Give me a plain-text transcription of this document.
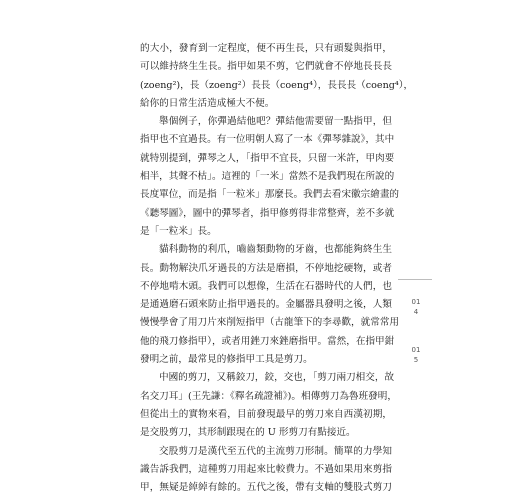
的大小，發育到一定程度，便不再生長，只有頭髮與指甲，
可以維持終生生長。指甲如果不剪，它們就會不停地長長長
(zoeng²)，長（zoeng²）長長（coeng⁴），長長長（coeng⁴），
給你的日常生活造成極大不便。
舉個例子，你彈過結他吧？彈結他需要留一點指甲，但
指甲也不宜過長。有一位明朝人寫了一本《彈琴雜說》，其中
就特別提到，彈琴之人，「指甲不宜長，只留一米許，甲肉要
相半，其聲不枯」。這裡的「一米」當然不是我們現在所說的
長度單位，而是指「一粒米」那麼長。我們去看宋徽宗繪畫的
《聽琴圖》，圖中的彈琴者，指甲修剪得非常整齊，差不多就
是「一粒米」長。
貓科動物的利爪，嚙齒類動物的牙齒，也都能夠終生生
長。動物解決爪牙過長的方法是磨損，不停地挖硬物，或者
不停地啃木頭。我們可以想像，生活在石器時代的人們，也
是通過磨石頭來防止指甲過長的。金屬器具發明之後，人類
慢慢學會了用刀片來削短指甲（古龍筆下的李尋歡，就常常用
他的飛刀修指甲），或者用銼刀來銼磨指甲。當然，在指甲鉗
發明之前，最常見的修指甲工具是剪刀。
中國的剪刀，又稱鉸刀，鉸，交也，「剪刀兩刀相交，故
名交刀耳」(王先謙：《釋名疏證補》)。相傳剪刀為魯班發明，
但從出土的實物來看，目前發現最早的剪刀來自西漢初期，
是交股剪刀，其形制跟現在的 U 形剪刀有點接近。
交股剪刀是漢代至五代的主流剪刀形制。簡單的力學知
識告訴我們，這種剪刀用起來比較費力。不過如果用來剪指
甲，無疑是綽綽有餘的。五代之後，帶有支軸的雙股式剪刀
014
015
